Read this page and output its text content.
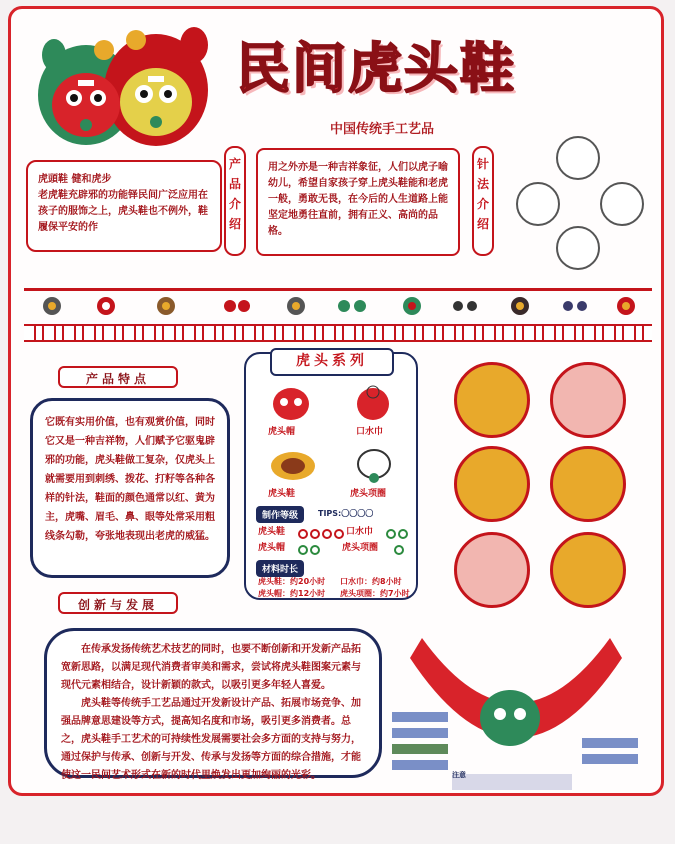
民间虎头鞋
中国传统手工艺品
虎頭鞋 健和虎步
老虎鞋充辟邪的功能铎民间广泛应用在孩子的服饰之上，虎头鞋也不例外，鞋履保平安的作
产品介绍
用之外亦是一种吉祥象征，人们以虎子喻幼儿，希望自家孩子穿上虎头鞋能和老虎一般，勇敢无畏，在今后的人生道路上能坚定地勇往直前，拥有正义、高尚的品格。
针法介绍
产品特点
它既有实用价值，也有观赏价值，同时它又是一种吉祥物，人们赋予它驱鬼辟邪的功能，虎头鞋做工复杂，仅虎头上就需要用到刺绣、拨花、打籽等各种各样的针法，鞋面的颜色通常以红、黄为主，虎嘴、眉毛、鼻、眼等处常采用粗线条勾勒，夸张地表现出老虎的威猛。
虎头系列
虎头帽	口水巾
虎头鞋	虎头项圈
制作等级	TIPS:〇〇〇〇
虎头鞋	口水巾
虎头帽	虎头项圈
材料时长
虎头鞋：约20小时 口水巾：约8小时
虎头帽：约12小时 虎头项圈：约7小时
创新与发展
在传承发扬传统艺术技艺的同时，也要不断创新和开发新产品拓宽新思路，以满足现代消费者审美和需求，尝试将虎头鞋图案元素与现代元素相结合，设计新颖的款式，以吸引更多年轻人喜爱。
虎头鞋等传统手工艺品通过开发新设计产品、拓展市场竞争、加强品牌意思建设等方式，提高知名度和市场，吸引更多消费者。总之，虎头鞋手工艺术的可持续性发展需要社会多方面的支持与努力，通过保护与传承、创新与开发、传承与发扬等方面的综合措施，才能使这一民间艺术形式在新的时代里焕发出更加绚丽的光彩。	注意
